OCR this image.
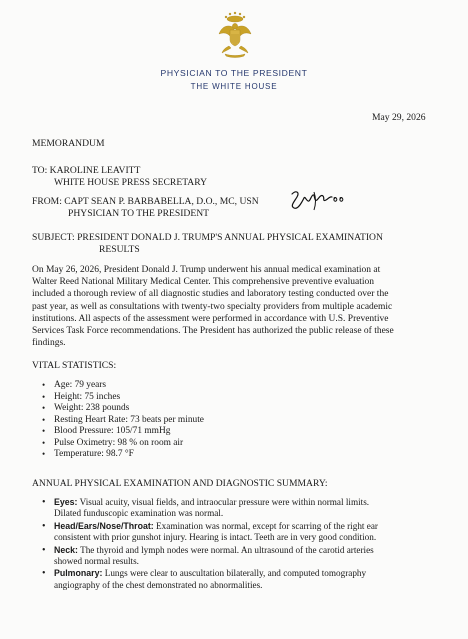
PHYSICIAN TO THE PRESIDENT
THE WHITE HOUSE
May 29, 2026
MEMORANDUM
TO: KAROLINE LEAVITT
WHITE HOUSE PRESS SECRETARY
FROM: CAPT SEAN P. BARBABELLA, D.O., MC, USN
PHYSICIAN TO THE PRESIDENT
SUBJECT: PRESIDENT DONALD J. TRUMP'S ANNUAL PHYSICAL EXAMINATION
RESULTS
On May 26, 2026, President Donald J. Trump underwent his annual medical examination at
Walter Reed National Military Medical Center. This comprehensive preventive evaluation
included a thorough review of all diagnostic studies and laboratory testing conducted over the
past year, as well as consultations with twenty-two specialty providers from multiple academic
institutions. All aspects of the assessment were performed in accordance with U.S. Preventive
Services Task Force recommendations. The President has authorized the public release of these
findings.
VITAL STATISTICS:
• Age: 79 years
• Height: 75 inches
• Weight: 238 pounds
• Resting Heart Rate: 73 beats per minute
• Blood Pressure: 105/71 mmHg
• Pulse Oximetry: 98 % on room air
• Temperature: 98.7 °F
ANNUAL PHYSICAL EXAMINATION AND DIAGNOSTIC SUMMARY:
• Eyes: Visual acuity, visual fields, and intraocular pressure were within normal limits.
Dilated funduscopic examination was normal.
• Head/Ears/Nose/Throat: Examination was normal, except for scarring of the right ear
consistent with prior gunshot injury. Hearing is intact. Teeth are in very good condition.
• Neck: The thyroid and lymph nodes were normal. An ultrasound of the carotid arteries
showed normal results.
• Pulmonary: Lungs were clear to auscultation bilaterally, and computed tomography
angiography of the chest demonstrated no abnormalities.
